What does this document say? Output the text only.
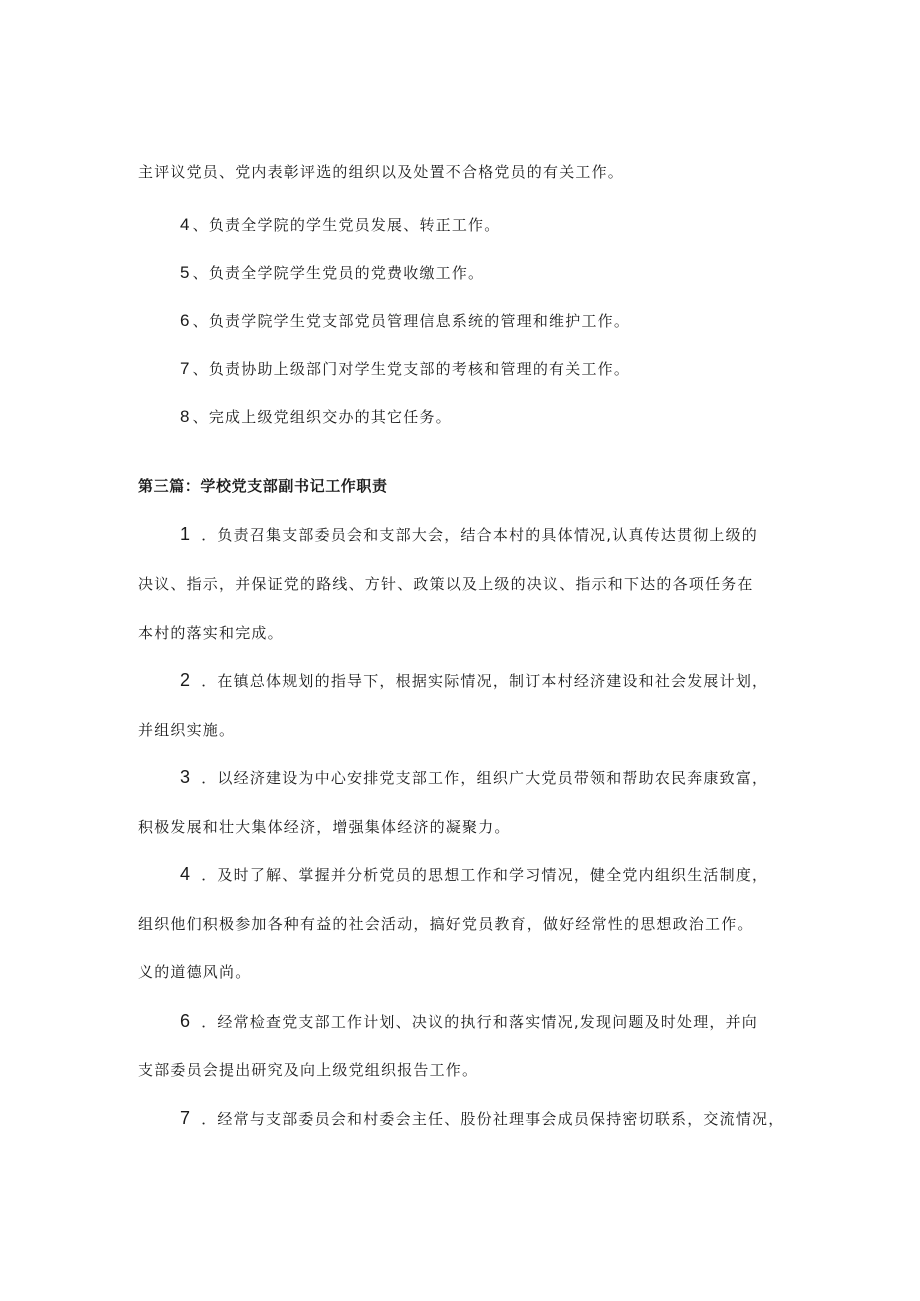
主评议党员、党内表彰评选的组织以及处置不合格党员的有关工作。
4 、负责全学院的学生党员发展、转正工作。
5 、负责全学院学生党员的党费收缴工作。
6 、负责学院学生党支部党员管理信息系统的管理和维护工作。
7 、负责协助上级部门对学生党支部的考核和管理的有关工作。
8 、完成上级党组织交办的其它任务。
第三篇：学校党支部副书记工作职责
1 ．负责召集支部委员会和支部大会，结合本村的具体情况,认真传达贯彻上级的
决议、指示，并保证党的路线、方针、政策以及上级的决议、指示和下达的各项任务在
本村的落实和完成。
2 ．在镇总体规划的指导下，根据实际情况，制订本村经济建设和社会发展计划，
并组织实施。
3 ．以经济建设为中心安排党支部工作，组织广大党员带领和帮助农民奔康致富，
积极发展和壮大集体经济，增强集体经济的凝聚力。
4 ．及时了解、掌握并分析党员的思想工作和学习情况，健全党内组织生活制度，
组织他们积极参加各种有益的社会活动，搞好党员教育，做好经常性的思想政治工作。
义的道德风尚。
6 ．经常检查党支部工作计划、决议的执行和落实情况,发现问题及时处理，并向
支部委员会提出研究及向上级党组织报告工作。
7 ．经常与支部委员会和村委会主任、股份社理事会成员保持密切联系，交流情况，
